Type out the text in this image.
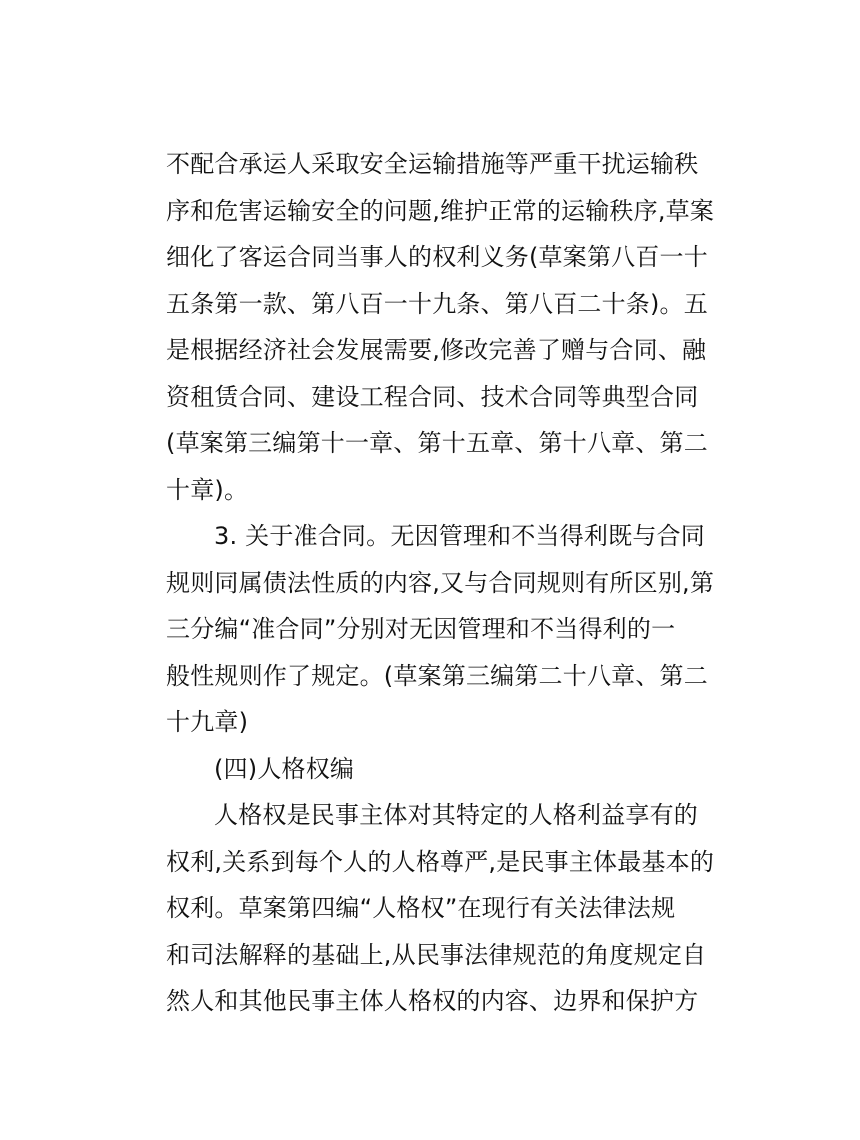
不配合承运人采取安全运输措施等严重干扰运输秩
序和危害运输安全的问题,维护正常的运输秩序,草案
细化了客运合同当事人的权利义务(草案第八百一十
五条第一款、第八百一十九条、第八百二十条)。五
是根据经济社会发展需要,修改完善了赠与合同、融
资租赁合同、建设工程合同、技术合同等典型合同
(草案第三编第十一章、第十五章、第十八章、第二
十章)。
3. 关于准合同。无因管理和不当得利既与合同
规则同属债法性质的内容,又与合同规则有所区别,第
三分编“准合同”分别对无因管理和不当得利的一
般性规则作了规定。(草案第三编第二十八章、第二
十九章)
(四)人格权编
人格权是民事主体对其特定的人格利益享有的
权利,关系到每个人的人格尊严,是民事主体最基本的
权利。草案第四编“人格权”在现行有关法律法规
和司法解释的基础上,从民事法律规范的角度规定自
然人和其他民事主体人格权的内容、边界和保护方
